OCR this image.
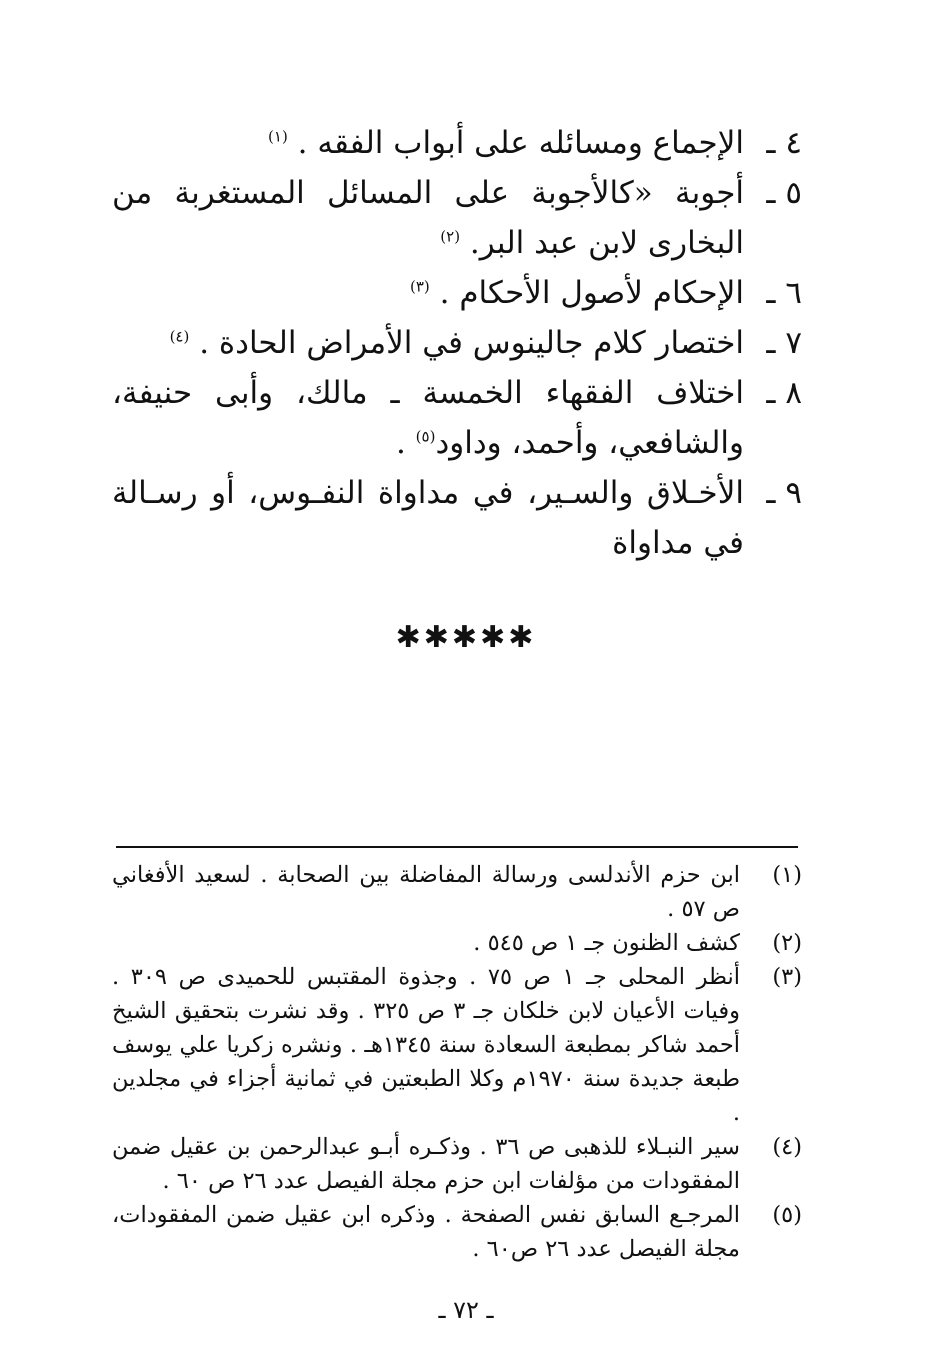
٤ ـ
الإجماع ومسائله على أبواب الفقه . $^{(١)}$
٥ ـ
أجوبة «كالأجوبة على المسائل المستغربة من البخارى لابن عبد البر. $^{(٢)}$
٦ ـ
الإحكام لأصول الأحكام . $^{(٣)}$
٧ ـ
اختصار كلام جالينوس في الأمراض الحادة . $^{(٤)}$
٨ ـ
اختلاف الفقهاء الخمسة ـ مالك، وأبى حنيفة، والشافعي، وأحمد، وداود$^{(٥)}$ .
٩ ـ
الأخـلاق والسـير، في مداواة النفـوس، أو رسـالة في مداواة
✱✱✱✱✱
(١)
ابن حزم الأندلسى ورسالة المفاضلة بين الصحابة . لسعيد الأفغاني ص ٥٧ .
(٢)
كشف الظنون جـ ١ ص ٥٤٥ .
(٣)
أنظر المحلى جـ ١ ص ٧٥ . وجذوة المقتبس للحميدى ص ٣٠٩ . وفيات الأعيان لابن خلكان جـ ٣ ص ٣٢٥ . وقد نشرت بتحقيق الشيخ أحمد شاكر بمطبعة السعادة سنة ١٣٤٥هـ . ونشره زكريا علي يوسف طبعة جديدة سنة ١٩٧٠م وكلا الطبعتين في ثمانية أجزاء في مجلدين .
(٤)
سير النبـلاء للذهبى ص ٣٦ . وذكـره أبـو عبدالرحمن بن عقيل ضمن المفقودات من مؤلفات ابن حزم مجلة الفيصل عدد ٢٦ ص ٦٠ .
(٥)
المرجـع السابق نفس الصفحة . وذكره ابن عقيل ضمن المفقودات، مجلة الفيصل عدد ٢٦ ص٦٠ .
ـ ٧٢ ـ
